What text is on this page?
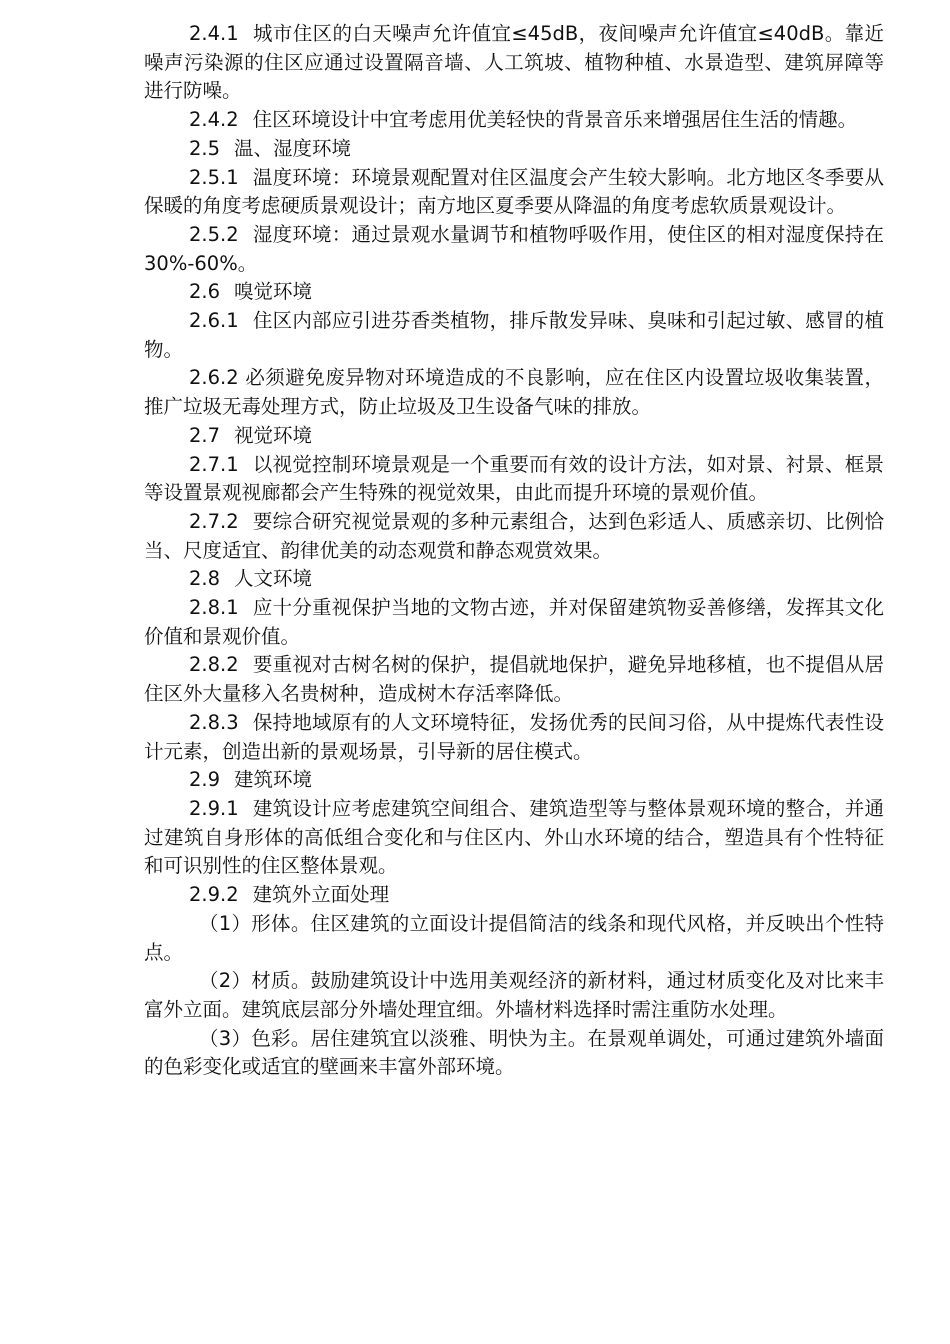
2.4.1 城市住区的白天噪声允许值宜≤45dB，夜间噪声允许值宜≤40dB。靠近噪声污染源的住区应通过设置隔音墙、人工筑坡、植物种植、水景造型、建筑屏障等进行防噪。

2.4.2 住区环境设计中宜考虑用优美轻快的背景音乐来增强居住生活的情趣。

2.5 温、湿度环境

2.5.1 温度环境：环境景观配置对住区温度会产生较大影响。北方地区冬季要从保暖的角度考虑硬质景观设计；南方地区夏季要从降温的角度考虑软质景观设计。

2.5.2 湿度环境：通过景观水量调节和植物呼吸作用，使住区的相对湿度保持在30%-60%。

2.6 嗅觉环境

2.6.1 住区内部应引进芬香类植物，排斥散发异味、臭味和引起过敏、感冒的植物。

2.6.2 必须避免废异物对环境造成的不良影响，应在住区内设置垃圾收集装置，推广垃圾无毒处理方式，防止垃圾及卫生设备气味的排放。

2.7 视觉环境

2.7.1 以视觉控制环境景观是一个重要而有效的设计方法，如对景、衬景、框景等设置景观视廊都会产生特殊的视觉效果，由此而提升环境的景观价值。

2.7.2 要综合研究视觉景观的多种元素组合，达到色彩适人、质感亲切、比例恰当、尺度适宜、韵律优美的动态观赏和静态观赏效果。

2.8 人文环境

2.8.1 应十分重视保护当地的文物古迹，并对保留建筑物妥善修缮，发挥其文化价值和景观价值。

2.8.2 要重视对古树名树的保护，提倡就地保护，避免异地移植，也不提倡从居住区外大量移入名贵树种，造成树木存活率降低。

2.8.3 保持地域原有的人文环境特征，发扬优秀的民间习俗，从中提炼代表性设计元素，创造出新的景观场景，引导新的居住模式。

2.9 建筑环境

2.9.1 建筑设计应考虑建筑空间组合、建筑造型等与整体景观环境的整合，并通过建筑自身形体的高低组合变化和与住区内、外山水环境的结合，塑造具有个性特征和可识别性的住区整体景观。

2.9.2 建筑外立面处理

（1）形体。住区建筑的立面设计提倡简洁的线条和现代风格，并反映出个性特点。

（2）材质。鼓励建筑设计中选用美观经济的新材料，通过材质变化及对比来丰富外立面。建筑底层部分外墙处理宜细。外墙材料选择时需注重防水处理。

（3）色彩。居住建筑宜以淡雅、明快为主。在景观单调处，可通过建筑外墙面的色彩变化或适宜的壁画来丰富外部环境。
